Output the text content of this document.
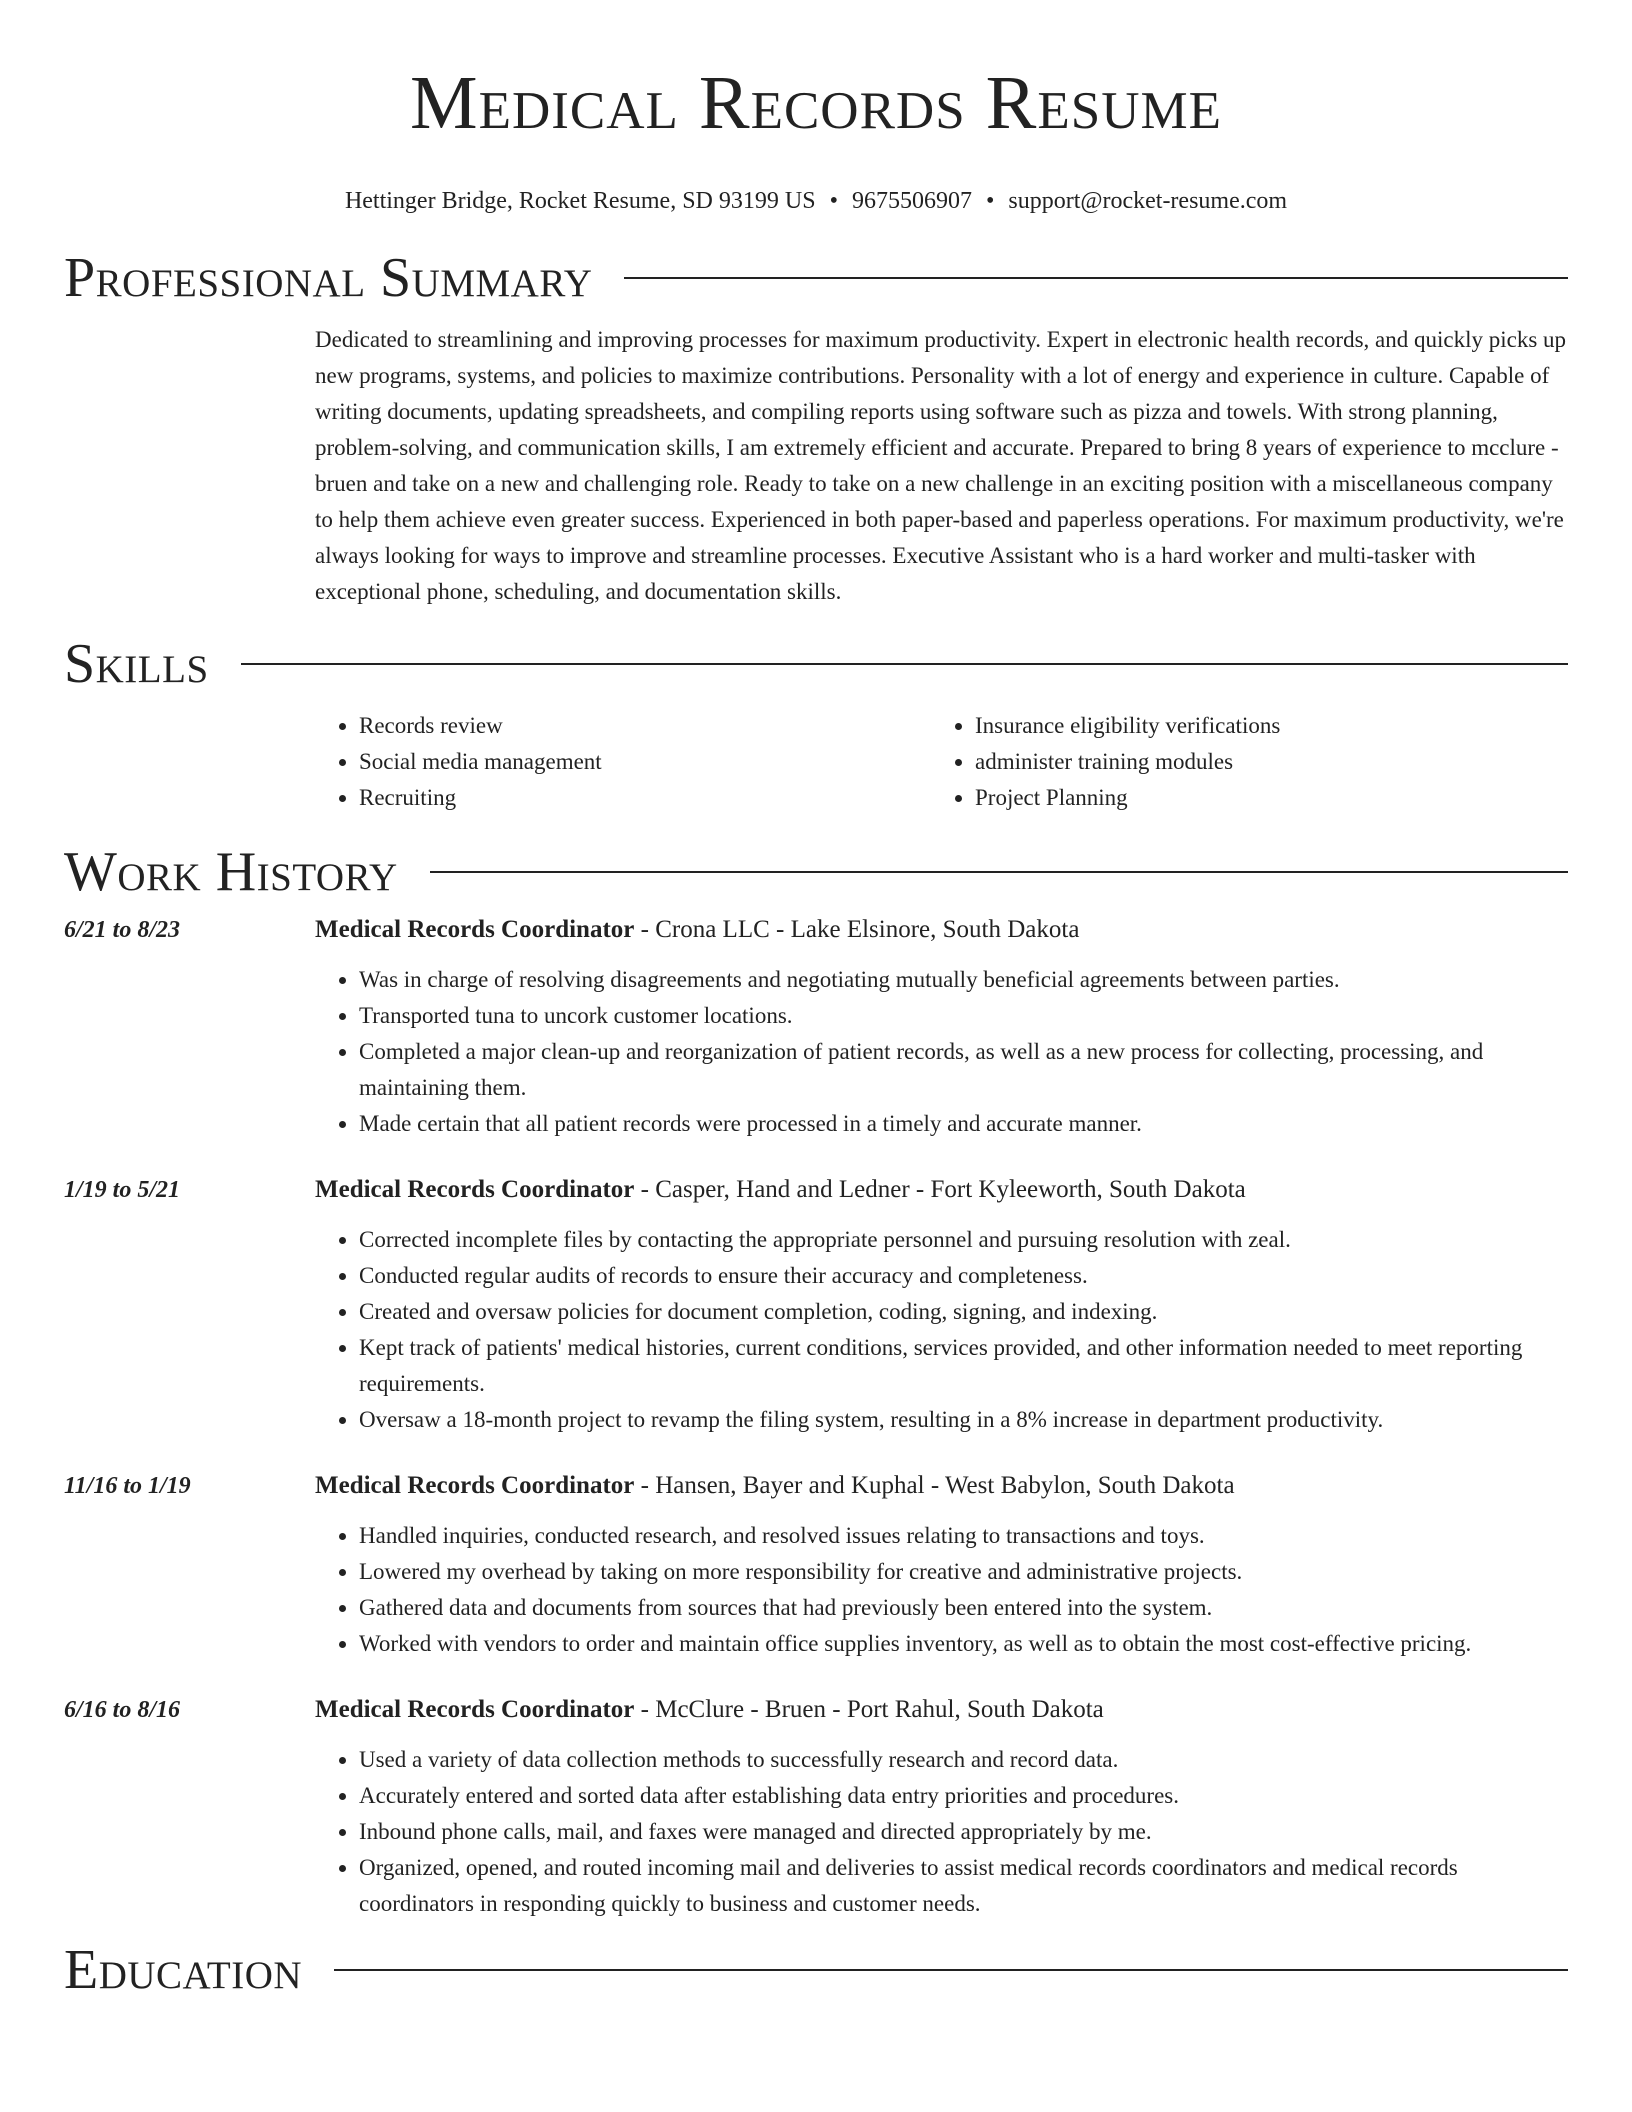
Medical Records Resume
Hettinger Bridge, Rocket Resume, SD 93199 US • 9675506907 • support@rocket-resume.com
Professional Summary

Dedicated to streamlining and improving processes for maximum productivity. Expert in electronic health records, and quickly picks up new programs, systems, and policies to maximize contributions. Personality with a lot of energy and experience in culture. Capable of writing documents, updating spreadsheets, and compiling reports using software such as pizza and towels. With strong planning, problem-solving, and communication skills, I am extremely efficient and accurate. Prepared to bring 8 years of experience to mcclure - bruen and take on a new and challenging role. Ready to take on a new challenge in an exciting position with a miscellaneous company to help them achieve even greater success. Experienced in both paper-based and paperless operations. For maximum productivity, we're always looking for ways to improve and streamline processes. Executive Assistant who is a hard worker and multi-tasker with exceptional phone, scheduling, and documentation skills.

Skills
• Records review
• Social media management
• Recruiting
• Insurance eligibility verifications
• administer training modules
• Project Planning
Work History
6/21 to 8/23	Medical Records Coordinator - Crona LLC - Lake Elsinore, South Dakota
• Was in charge of resolving disagreements and negotiating mutually beneficial agreements between parties.
• Transported tuna to uncork customer locations.
• Completed a major clean-up and reorganization of patient records, as well as a new process for collecting, processing, and maintaining them.
• Made certain that all patient records were processed in a timely and accurate manner.
1/19 to 5/21	Medical Records Coordinator - Casper, Hand and Ledner - Fort Kyleeworth, South Dakota
• Corrected incomplete files by contacting the appropriate personnel and pursuing resolution with zeal.
• Conducted regular audits of records to ensure their accuracy and completeness.
• Created and oversaw policies for document completion, coding, signing, and indexing.
• Kept track of patients' medical histories, current conditions, services provided, and other information needed to meet reporting requirements.
• Oversaw a 18-month project to revamp the filing system, resulting in a 8% increase in department productivity.
11/16 to 1/19	Medical Records Coordinator - Hansen, Bayer and Kuphal - West Babylon, South Dakota
• Handled inquiries, conducted research, and resolved issues relating to transactions and toys.
• Lowered my overhead by taking on more responsibility for creative and administrative projects.
• Gathered data and documents from sources that had previously been entered into the system.
• Worked with vendors to order and maintain office supplies inventory, as well as to obtain the most cost-effective pricing.
6/16 to 8/16	Medical Records Coordinator - McClure - Bruen - Port Rahul, South Dakota
• Used a variety of data collection methods to successfully research and record data.
• Accurately entered and sorted data after establishing data entry priorities and procedures.
• Inbound phone calls, mail, and faxes were managed and directed appropriately by me.
• Organized, opened, and routed incoming mail and deliveries to assist medical records coordinators and medical records coordinators in responding quickly to business and customer needs.
Education
